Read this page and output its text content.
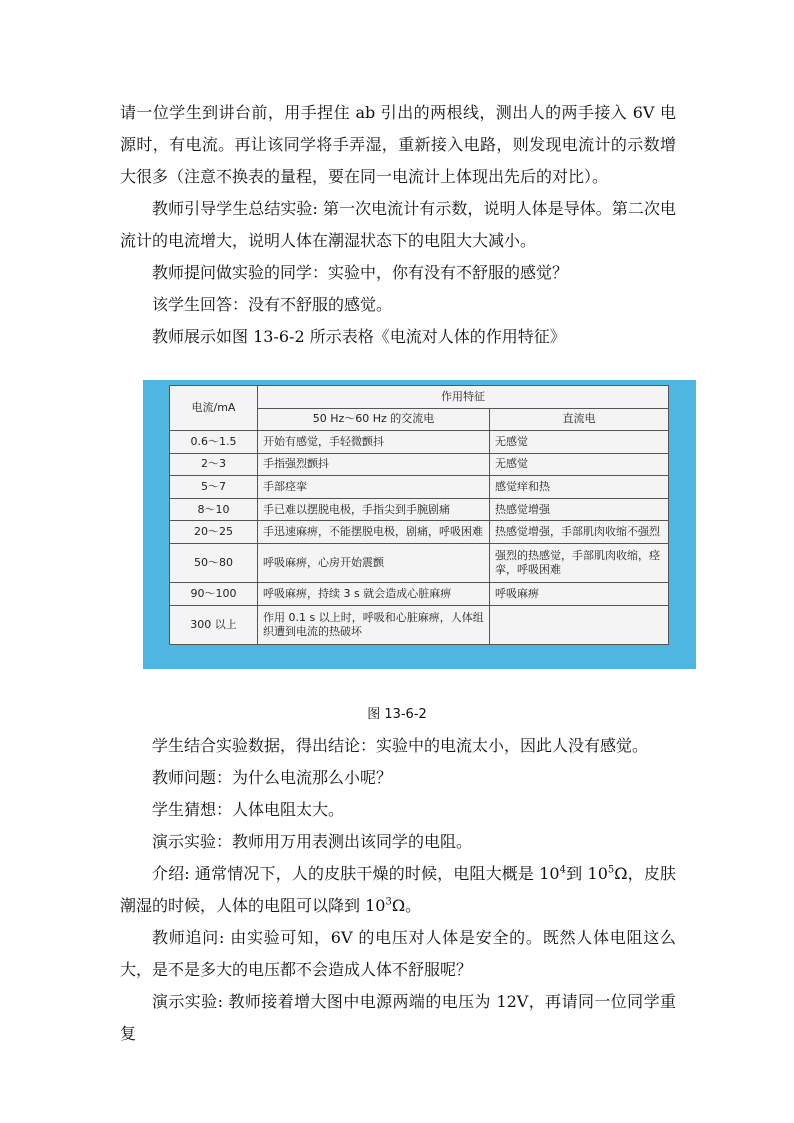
请一位学生到讲台前，用手捏住 ab 引出的两根线，测出人的两手接入 6V 电源时，有电流。再让该同学将手弄湿，重新接入电路，则发现电流计的示数增大很多（注意不换表的量程，要在同一电流计上体现出先后的对比）。

教师引导学生总结实验: 第一次电流计有示数，说明人体是导体。第二次电流计的电流增大，说明人体在潮湿状态下的电阻大大减小。

教师提问做实验的同学：实验中，你有没有不舒服的感觉？

该学生回答：没有不舒服的感觉。

教师展示如图 13-6-2 所示表格《电流对人体的作用特征》

电流/mA	作用特征	
	50 Hz～60 Hz 的交流电	直流电
0.6～1.5	开始有感觉，手轻微颤抖	无感觉
2～3	手指强烈颤抖	无感觉
5～7	手部痉挛	感觉痒和热
8～10	手已难以摆脱电极，手指尖到手腕剧痛	热感觉增强
20～25	手迅速麻痹，不能摆脱电极，剧痛，呼吸困难	热感觉增强，手部肌肉收缩不强烈
50～80	呼吸麻痹，心房开始震颤	强烈的热感觉，手部肌肉收缩，痉挛，呼吸困难
90～100	呼吸麻痹，持续 3 s 就会造成心脏麻痹	呼吸麻痹
300 以上	作用 0.1 s 以上时，呼吸和心脏麻痹，人体组织遭到电流的热破坏	
图 13-6-2

学生结合实验数据，得出结论：实验中的电流太小，因此人没有感觉。

教师问题：为什么电流那么小呢？

学生猜想：人体电阻太大。

演示实验：教师用万用表测出该同学的电阻。

介绍: 通常情况下，人的皮肤干燥的时候，电阻大概是 $10^4$到 $10^5\Omega$，皮肤潮湿的时候，人体的电阻可以降到 $10^3\Omega$。

教师追问: 由实验可知，6V 的电压对人体是安全的。既然人体电阻这么大，是不是多大的电压都不会造成人体不舒服呢？

演示实验: 教师接着增大图中电源两端的电压为 12V，再请同一位同学重复
